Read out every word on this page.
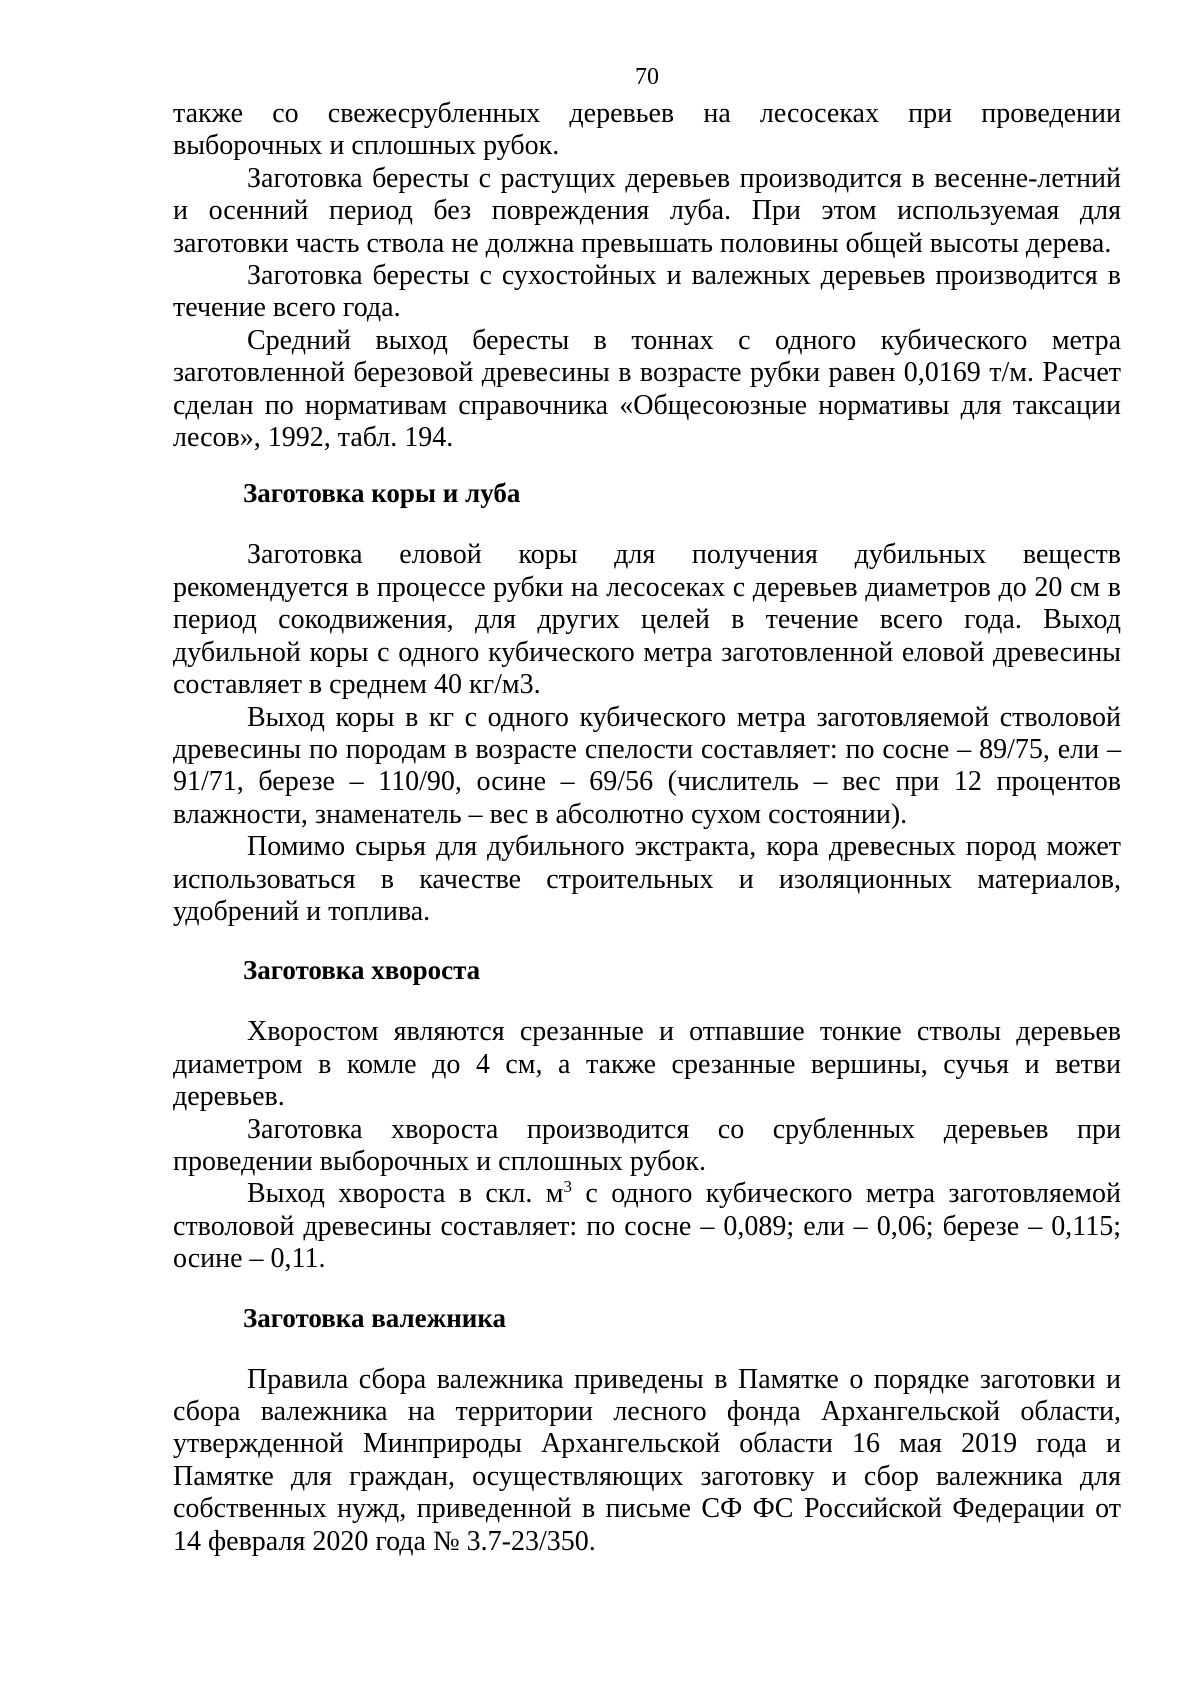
70

также со свежесрубленных деревьев на лесосеках при проведении выборочных и сплошных рубок.

Заготовка бересты с растущих деревьев производится в весенне-летний и осенний период без повреждения луба. При этом используемая для заготовки часть ствола не должна превышать половины общей высоты дерева.

Заготовка бересты с сухостойных и валежных деревьев производится в течение всего года.

Средний выход бересты в тоннах с одного кубического метра заготовленной березовой древесины в возрасте рубки равен 0,0169 т/м. Расчет сделан по нормативам справочника «Общесоюзные нормативы для таксации лесов», 1992, табл. 194.

Заготовка коры и луба

Заготовка еловой коры для получения дубильных веществ рекомендуется в процессе рубки на лесосеках с деревьев диаметров до 20 см в период сокодвижения, для других целей в течение всего года. Выход дубильной коры с одного кубического метра заготовленной еловой древесины составляет в среднем 40 кг/м3.

Выход коры в кг с одного кубического метра заготовляемой стволовой древесины по породам в возрасте спелости составляет: по сосне – 89/75, ели – 91/71, березе – 110/90, осине – 69/56 (числитель – вес при 12 процентов влажности, знаменатель – вес в абсолютно сухом состоянии).

Помимо сырья для дубильного экстракта, кора древесных пород может использоваться в качестве строительных и изоляционных материалов, удобрений и топлива.

Заготовка хвороста

Хворостом являются срезанные и отпавшие тонкие стволы деревьев диаметром в комле до 4 см, а также срезанные вершины, сучья и ветви деревьев.

Заготовка хвороста производится со срубленных деревьев при проведении выборочных и сплошных рубок.

Выход хвороста в скл. $м^3$ с одного кубического метра заготовляемой стволовой древесины составляет: по сосне – 0,089; ели – 0,06; березе – 0,115; осине – 0,11.

Заготовка валежника

Правила сбора валежника приведены в Памятке о порядке заготовки и сбора валежника на территории лесного фонда Архангельской области, утвержденной Минприроды Архангельской области 16 мая 2019 года и Памятке для граждан, осуществляющих заготовку и сбор валежника для собственных нужд, приведенной в письме СФ ФС Российской Федерации от 14 февраля 2020 года № 3.7-23/350.
